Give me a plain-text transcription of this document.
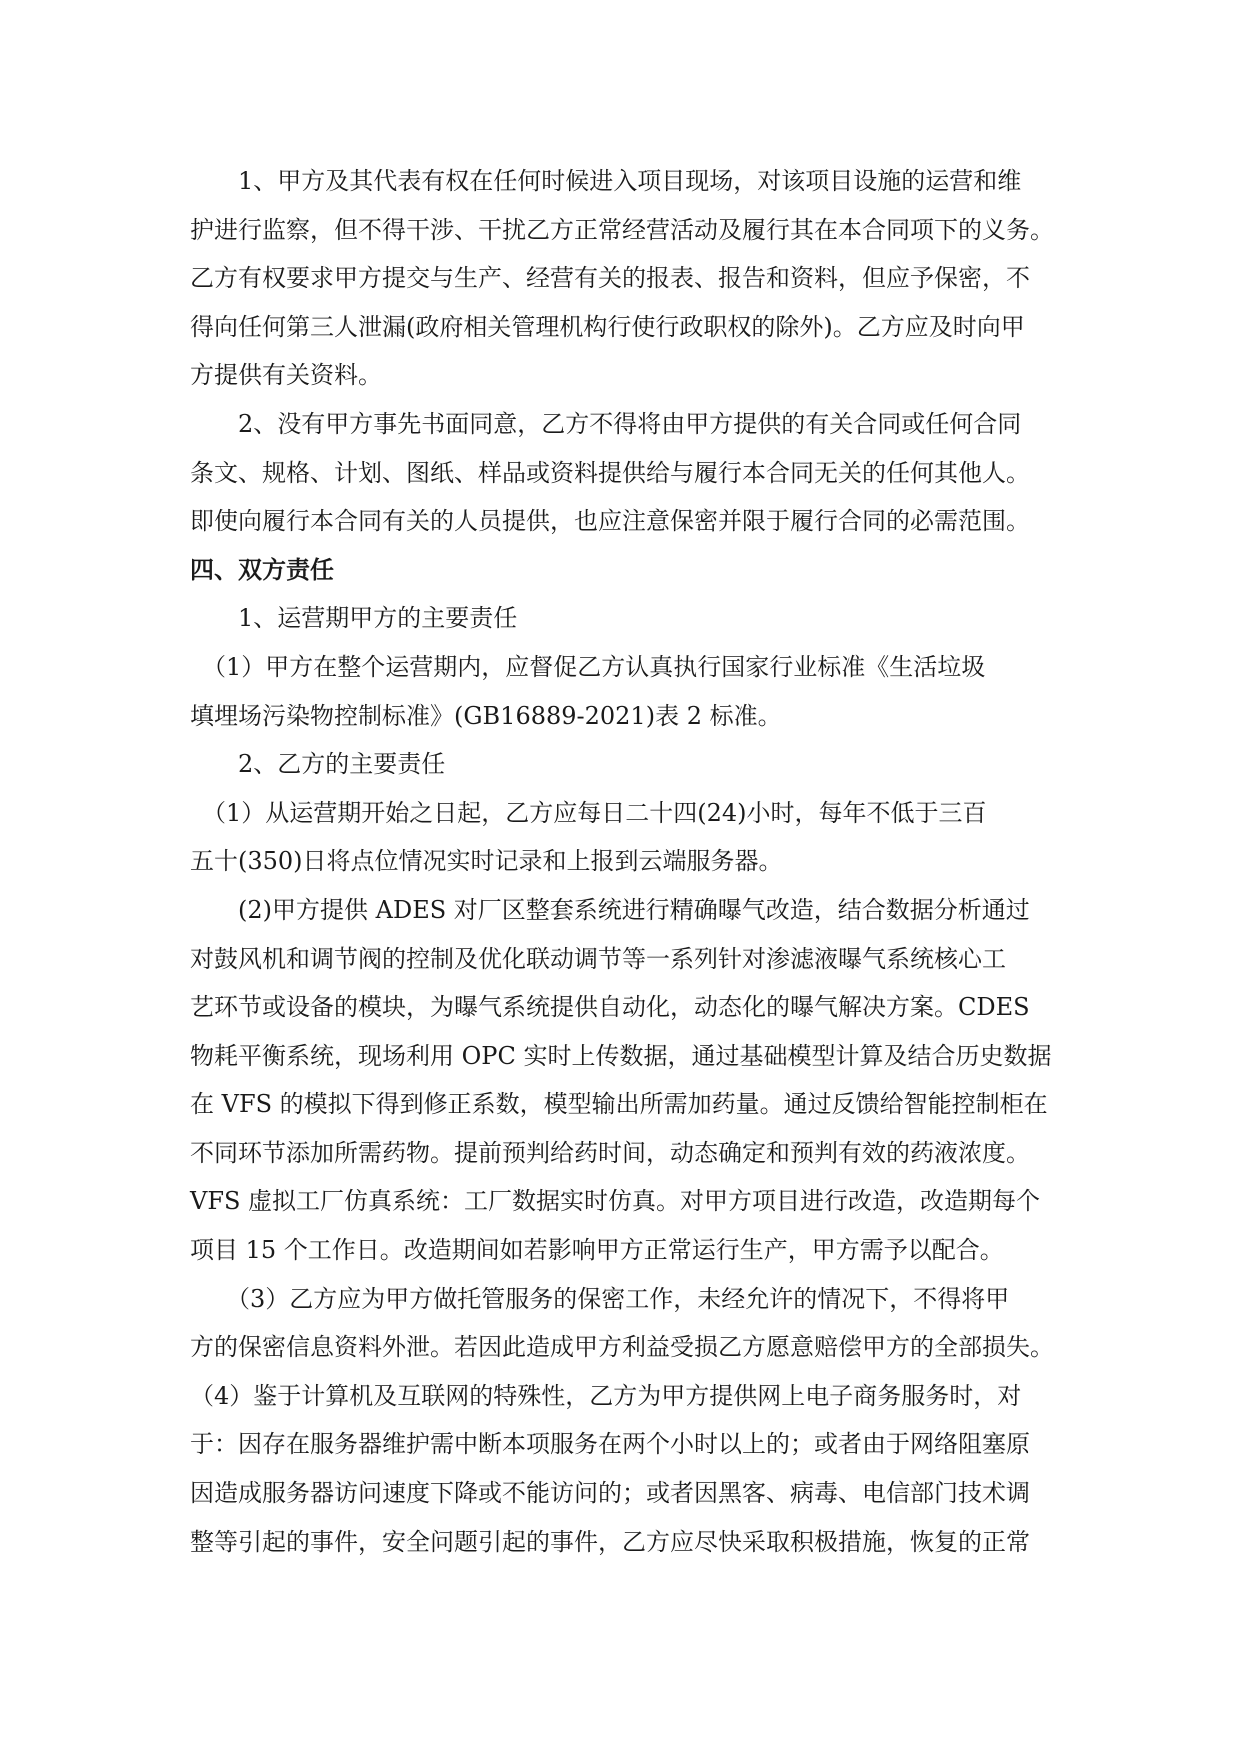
　　1、甲方及其代表有权在任何时候进入项目现场，对该项目设施的运营和维
护进行监察，但不得干涉、干扰乙方正常经营活动及履行其在本合同项下的义务。
乙方有权要求甲方提交与生产、经营有关的报表、报告和资料，但应予保密，不
得向任何第三人泄漏(政府相关管理机构行使行政职权的除外)。乙方应及时向甲
方提供有关资料。
　　2、没有甲方事先书面同意，乙方不得将由甲方提供的有关合同或任何合同
条文、规格、计划、图纸、样品或资料提供给与履行本合同无关的任何其他人。
即使向履行本合同有关的人员提供，也应注意保密并限于履行合同的必需范围。
四、双方责任
　　1、运营期甲方的主要责任
　（1）甲方在整个运营期内，应督促乙方认真执行国家行业标准《生活垃圾
填埋场污染物控制标准》(GB16889-2021)表 2 标准。
　　2、乙方的主要责任
　（1）从运营期开始之日起，乙方应每日二十四(24)小时，每年不低于三百
五十(350)日将点位情况实时记录和上报到云端服务器。
　　(2)甲方提供 ADES 对厂区整套系统进行精确曝气改造，结合数据分析通过
对鼓风机和调节阀的控制及优化联动调节等一系列针对渗滤液曝气系统核心工
艺环节或设备的模块，为曝气系统提供自动化，动态化的曝气解决方案。CDES
物耗平衡系统，现场利用 OPC 实时上传数据，通过基础模型计算及结合历史数据
在 VFS 的模拟下得到修正系数，模型输出所需加药量。通过反馈给智能控制柜在
不同环节添加所需药物。提前预判给药时间，动态确定和预判有效的药液浓度。
VFS 虚拟工厂仿真系统：工厂数据实时仿真。对甲方项目进行改造，改造期每个
项目 15 个工作日。改造期间如若影响甲方正常运行生产，甲方需予以配合。
　　（3）乙方应为甲方做托管服务的保密工作，未经允许的情况下，不得将甲
方的保密信息资料外泄。若因此造成甲方利益受损乙方愿意赔偿甲方的全部损失。
（4）鉴于计算机及互联网的特殊性，乙方为甲方提供网上电子商务服务时，对
于：因存在服务器维护需中断本项服务在两个小时以上的；或者由于网络阻塞原
因造成服务器访问速度下降或不能访问的；或者因黑客、病毒、电信部门技术调
整等引起的事件，安全问题引起的事件，乙方应尽快采取积极措施，恢复的正常
